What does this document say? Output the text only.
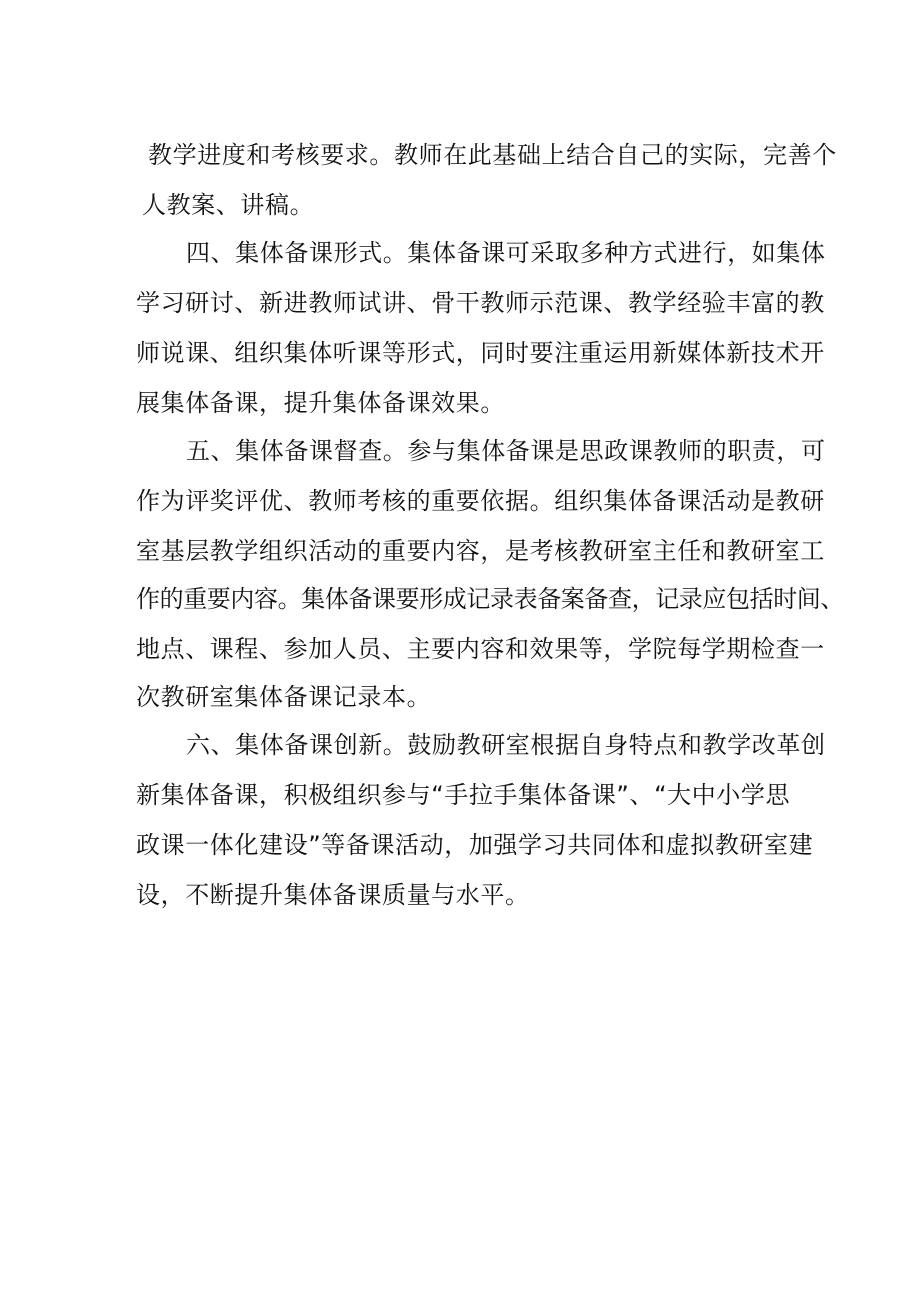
教学进度和考核要求。教师在此基础上结合自己的实际，完善个
人教案、讲稿。
四、集体备课形式。集体备课可采取多种方式进行，如集体
学习研讨、新进教师试讲、骨干教师示范课、教学经验丰富的教
师说课、组织集体听课等形式，同时要注重运用新媒体新技术开
展集体备课，提升集体备课效果。
五、集体备课督查。参与集体备课是思政课教师的职责，可
作为评奖评优、教师考核的重要依据。组织集体备课活动是教研
室基层教学组织活动的重要内容，是考核教研室主任和教研室工
作的重要内容。集体备课要形成记录表备案备查，记录应包括时间、
地点、课程、参加人员、主要内容和效果等，学院每学期检查一
次教研室集体备课记录本。
六、集体备课创新。鼓励教研室根据自身特点和教学改革创
新集体备课，积极组织参与“手拉手集体备课”、“大中小学思
政课一体化建设”等备课活动，加强学习共同体和虚拟教研室建
设，不断提升集体备课质量与水平。
